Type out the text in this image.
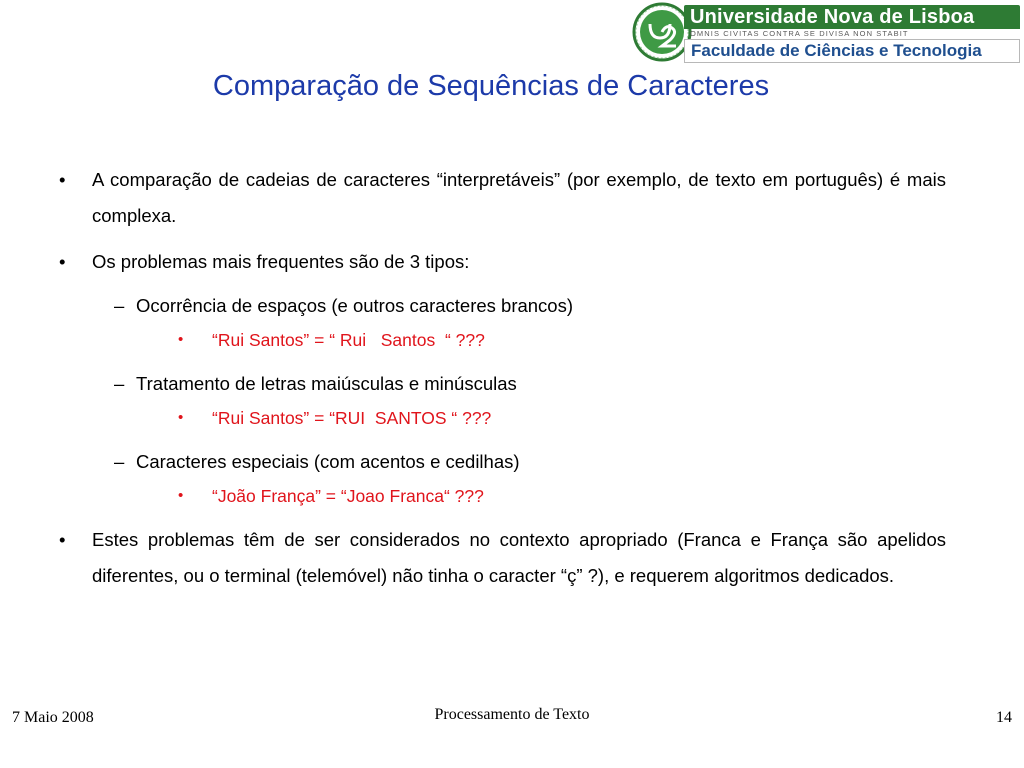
Universidade Nova de Lisboa
OMNIS CIVITAS CONTRA SE DIVISA NON STABIT
Faculdade de Ciências e Tecnologia
Comparação de Sequências de Caracteres
• A comparação de cadeias de caracteres “interpretáveis” (por exemplo, de texto em português) é mais complexa.
• Os problemas mais frequentes são de 3 tipos:
– Ocorrência de espaços (e outros caracteres brancos)
• “Rui Santos” = “ Rui   Santos  “ ???
– Tratamento de letras maiúsculas e minúsculas
• “Rui Santos” = “RUI  SANTOS “ ???
– Caracteres especiais (com acentos e cedilhas)
• “João França” = “Joao Franca“ ???
• Estes problemas têm de ser considerados no contexto apropriado (Franca e França são apelidos diferentes, ou o terminal (telemóvel) não tinha o caracter “ç” ?), e requerem algoritmos dedicados.
7 Maio 2008	Processamento de Texto	14
